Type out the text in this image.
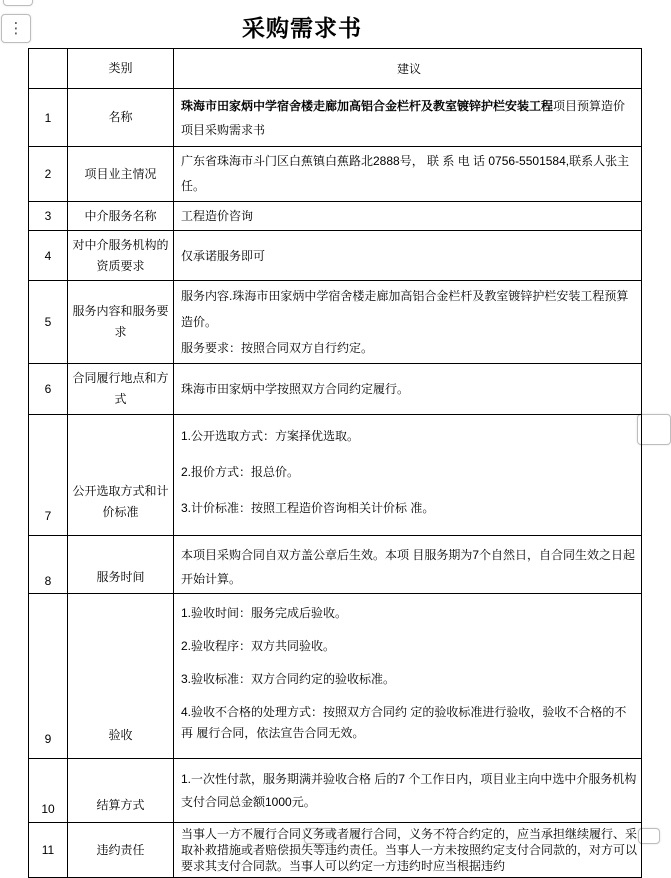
⋮	采购需求书
	类别	建议
1	名称	珠海市田家炳中学宿舍楼走廊加高铝合金栏杆及教室镀锌护栏安装工程项目预算造价项目采购需求书
2	项目业主情况	广东省珠海市斗门区白蕉镇白蕉路北2888号， 联 系 电 话 0756-5501584,联系人张主任。

3	中介服务名称	工程造价咨询

4	对中介服务机构的资质要求	仅承诺服务即可

5	服务内容和服务要求	服务内容.珠海市田家炳中学宿舍楼走廊加高铝合金栏杆及教室镀锌护栏安装工程预算造价。
服务要求：按照合同双方自行约定。

6	合同履行地点和方式	珠海市田家炳中学按照双方合同约定履行。

7	公开选取方式和计价标准	1.公开选取方式：方案择优选取。
2.报价方式：报总价。
3.计价标准：按照工程造价咨询相关计价标 准。

8	服务时间	本项目采购合同自双方盖公章后生效。本项 目服务期为7个自然日，自合同生效之日起开始计算。

9	验收	1.验收时间：服务完成后验收。
2.验收程序：双方共同验收。
3.验收标准：双方合同约定的验收标准。
4.验收不合格的处理方式：按照双方合同约 定的验收标准进行验收，验收不合格的不再 履行合同，依法宣告合同无效。

10	结算方式	1.一次性付款，服务期满并验收合格 后的7 个工作日内，项目业主向中选中介服务机构 支付合同总金额1000元。

11	违约责任	当事人一方不履行合同义务或者履行合同，义务不符合约定的，应当承担继续履行、采 取补救措施或者赔偿损失等违约责任。当事人一方未按照约定支付合同款的，对方可以要求其支付合同款。当事人可以约定一方违约时应当根据违约
